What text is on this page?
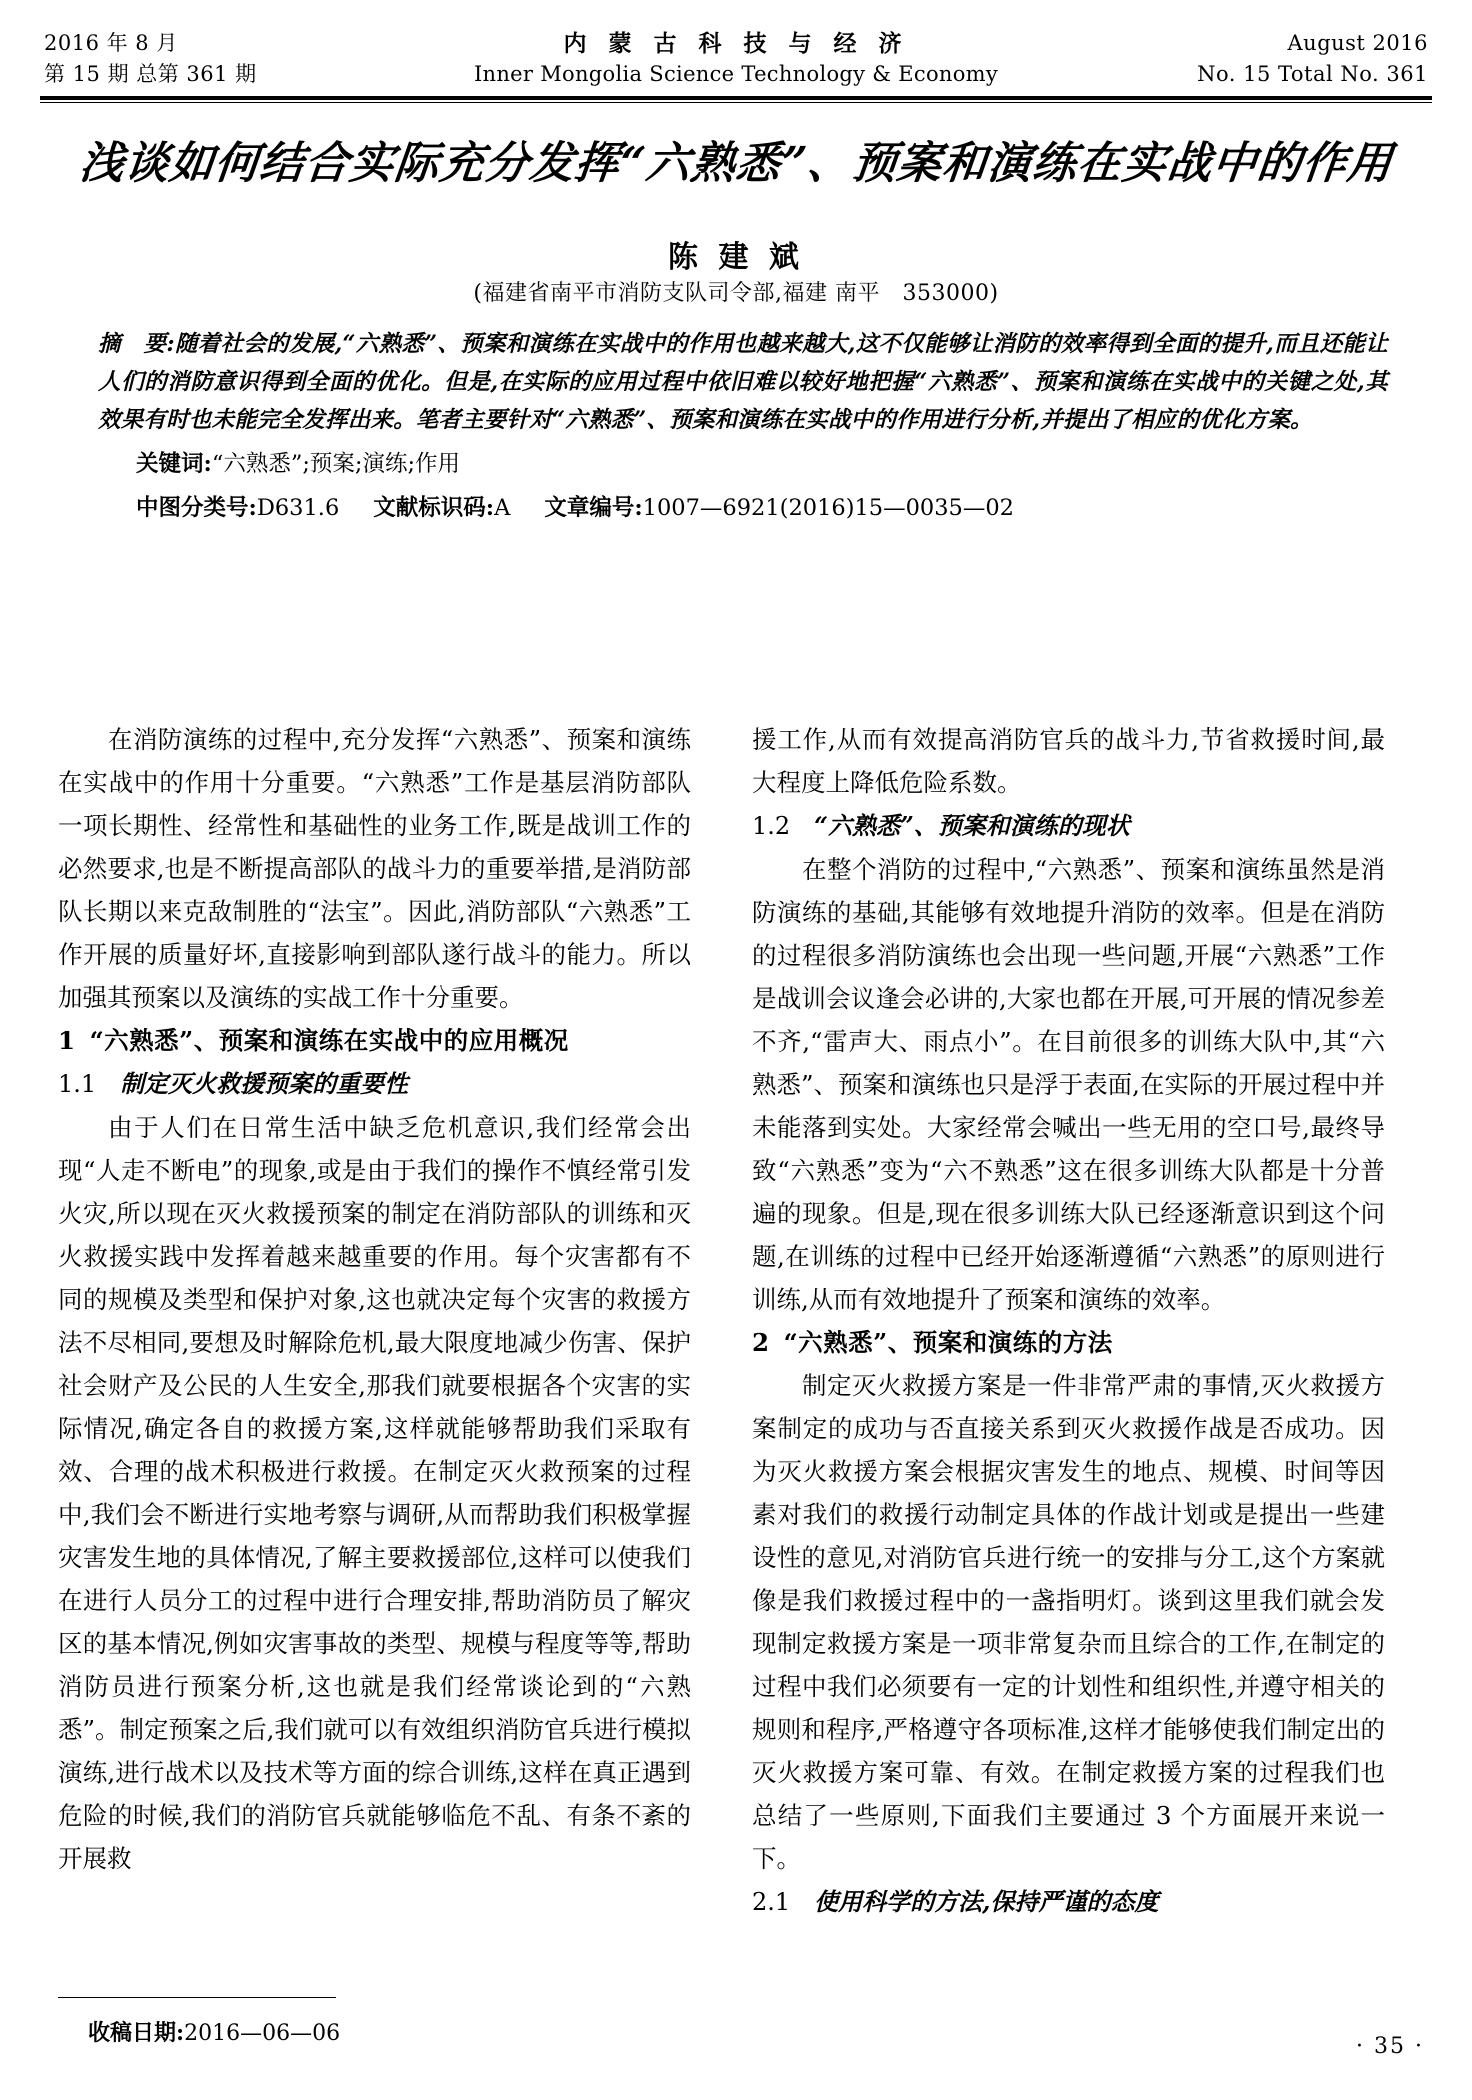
2016 年 8 月	August 2016
内 蒙 古 科 技 与 经 济
第 15 期 总第 361 期	No. 15 Total No. 361
Inner Mongolia Science Technology & Economy
浅谈如何结合实际充分发挥“六熟悉”、预案和演练在实战中的作用
陈 建 斌
(福建省南平市消防支队司令部,福建 南平　353000)
摘　要:随着社会的发展,“六熟悉”、预案和演练在实战中的作用也越来越大,这不仅能够让消防的效率得到全面的提升,而且还能让人们的消防意识得到全面的优化。但是,在实际的应用过程中依旧难以较好地把握“六熟悉”、预案和演练在实战中的关键之处,其效果有时也未能完全发挥出来。笔者主要针对“六熟悉”、预案和演练在实战中的作用进行分析,并提出了相应的优化方案。
关键词:“六熟悉”;预案;演练;作用
中图分类号:D631.6 文献标识码:A 文章编号:1007—6921(2016)15—0035—02

在消防演练的过程中,充分发挥“六熟悉”、预案和演练在实战中的作用十分重要。“六熟悉”工作是基层消防部队一项长期性、经常性和基础性的业务工作,既是战训工作的必然要求,也是不断提高部队的战斗力的重要举措,是消防部队长期以来克敌制胜的“法宝”。因此,消防部队“六熟悉”工作开展的质量好坏,直接影响到部队遂行战斗的能力。所以加强其预案以及演练的实战工作十分重要。

1 “六熟悉”、预案和演练在实战中的应用概况

1.1 制定灭火救援预案的重要性

由于人们在日常生活中缺乏危机意识,我们经常会出现“人走不断电”的现象,或是由于我们的操作不慎经常引发火灾,所以现在灭火救援预案的制定在消防部队的训练和灭火救援实践中发挥着越来越重要的作用。每个灾害都有不同的规模及类型和保护对象,这也就决定每个灾害的救援方法不尽相同,要想及时解除危机,最大限度地减少伤害、保护社会财产及公民的人生安全,那我们就要根据各个灾害的实际情况,确定各自的救援方案,这样就能够帮助我们采取有效、合理的战术积极进行救援。在制定灭火救预案的过程中,我们会不断进行实地考察与调研,从而帮助我们积极掌握灾害发生地的具体情况,了解主要救援部位,这样可以使我们在进行人员分工的过程中进行合理安排,帮助消防员了解灾区的基本情况,例如灾害事故的类型、规模与程度等等,帮助消防员进行预案分析,这也就是我们经常谈论到的“六熟悉”。制定预案之后,我们就可以有效组织消防官兵进行模拟演练,进行战术以及技术等方面的综合训练,这样在真正遇到危险的时候,我们的消防官兵就能够临危不乱、有条不紊的开展救

援工作,从而有效提高消防官兵的战斗力,节省救援时间,最大程度上降低危险系数。

1.2 “六熟悉”、预案和演练的现状

在整个消防的过程中,“六熟悉”、预案和演练虽然是消防演练的基础,其能够有效地提升消防的效率。但是在消防的过程很多消防演练也会出现一些问题,开展“六熟悉”工作是战训会议逢会必讲的,大家也都在开展,可开展的情况参差不齐,“雷声大、雨点小”。在目前很多的训练大队中,其“六熟悉”、预案和演练也只是浮于表面,在实际的开展过程中并未能落到实处。大家经常会喊出一些无用的空口号,最终导致“六熟悉”变为“六不熟悉”这在很多训练大队都是十分普遍的现象。但是,现在很多训练大队已经逐渐意识到这个问题,在训练的过程中已经开始逐渐遵循“六熟悉”的原则进行训练,从而有效地提升了预案和演练的效率。

2 “六熟悉”、预案和演练的方法

制定灭火救援方案是一件非常严肃的事情,灭火救援方案制定的成功与否直接关系到灭火救援作战是否成功。因为灭火救援方案会根据灾害发生的地点、规模、时间等因素对我们的救援行动制定具体的作战计划或是提出一些建设性的意见,对消防官兵进行统一的安排与分工,这个方案就像是我们救援过程中的一盏指明灯。谈到这里我们就会发现制定救援方案是一项非常复杂而且综合的工作,在制定的过程中我们必须要有一定的计划性和组织性,并遵守相关的规则和程序,严格遵守各项标准,这样才能够使我们制定出的灭火救援方案可靠、有效。在制定救援方案的过程我们也总结了一些原则,下面我们主要通过 3 个方面展开来说一下。

2.1 使用科学的方法,保持严谨的态度

收稿日期:2016—06—06
· 35 ·
